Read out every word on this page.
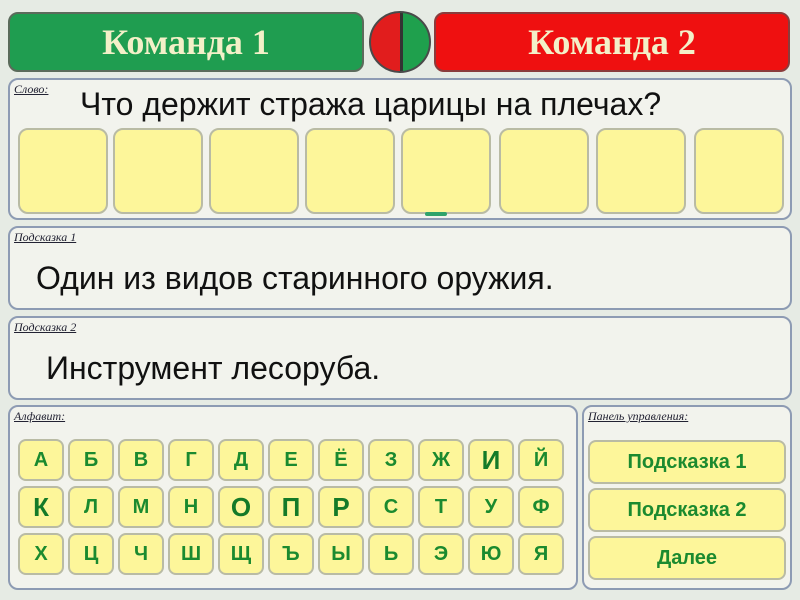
Команда 1	Команда 2
Слово: Что держит стража царицы на плечах?
Подсказка 1
Один из видов старинного оружия.
Подсказка 2
Инструмент лесоруба.
Алфавит:
А	Б	В	Г	Д	Е	Ё	З	Ж	И	Й
К	Л	М	Н	О	П	Р	С	Т	У	Ф
Х	Ц	Ч	Ш	Щ	Ъ	Ы	Ь	Э	Ю	Я
Панель управления:
Подсказка 1
Подсказка 2
Далее
